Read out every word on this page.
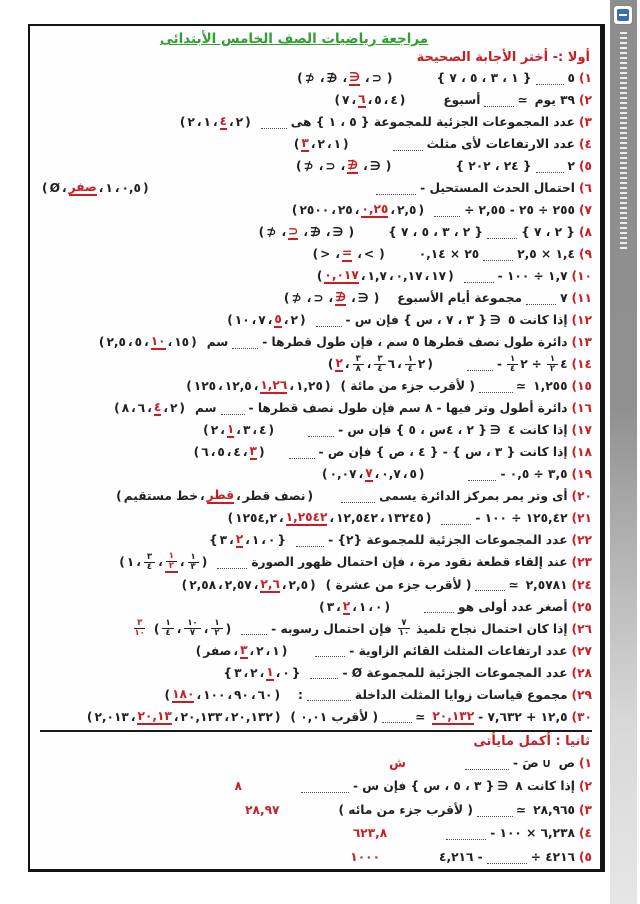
مراجعة رياضيات الصف الخامس الأبتدائى
أولا :- أختر الأجابة الصحيحة
١)
٥
{ ١ ، ٣ ، ٥ ، ٧ }
(
⊃
،
∋
،
∌
،
⊅
)
٢)
٣٩ يوم
≃
أسبوع
(
٤
،
٥
،
٦
،
٧
)
٣)
عدد المجموعات الجزئية للمجموعة { ٥ ، ١ } هى
(
٢
،
٤
،
١
،
٢
)
٤)
عدد الارتفاعات لأى مثلث
(
١
،
٢
،
٣
)
٥)
٢
{ ٢٤ ، ٢٠٢ }
(
∋
،
∌
،
⊃
،
⊅
)
٦)
احتمال الحدث المستحيل -
(
٠,٥
،
١
،
صفر
،
Ø
)
٧)
٢٥٥ ÷ ٢٥ - ٢,٥٥ ÷
(
٢,٥
،
٠,٢٥
،
٢٥
،
٢٥٠٠
)
٨)
{ ٢ ، ٧ }
{ ٢ ، ٣ ، ٥ ، ٧ }
(
∋
،
∌
،
⊃
،
⊅
)
٩)
١,٤ × ٢,٥
٢٥ × ٠,١٤
(
<
،
=
،
>
)
١٠)
١,٧ ÷ ١٠٠ -
(
١٧
،
٠,١٧
،
١,٧
،
٠,٠١٧
)
١١)
٧
مجموعة أيام الأسبوع
(
∋
،
∌
،
⊃
،
⊅
)
١٢)
إذا كانت ٥
∋
{ ٣ ، ٧ ، س } فإن س -
(
٢
،
٥
،
٧
،
١٠
)
١٣)
دائرة طول نصف قطرها ٥ سم ، فإن طول قطرها -
سم
(
١٥
،
١٠
،
٥
،
٢,٥
)
١٤)
٤
١
٢
÷
٢
١
٤
-
(
٢
١
٤
،
٦
٣
٤
،
٣
٨
،
٢
)
١٥)
١,٢٥٥
≃
( لأقرب جزء من مائة )
(
١,٢٥
،
١,٢٦
،
١٢,٥
،
١٢٥
)
١٦)
دائرة أطول وتر فيها - ٨ سم فإن طول نصف قطرها -
سم
(
٢
،
٤
،
٦
،
٨
)
١٧)
إذا كانت ٤
∋
{ ٢ ، ٤س ، ٥ } فإن س -
(
٤
،
٣
،
١
،
٢
)
١٨)
إذا كانت { ٣ ، س } - { ٤ ، ص } فإن ص -
(
٣
،
٤
،
٥
،
٦
)
١٩)
٣,٥ ÷ ٠,٥ -
(
٥
،
٠,٧
،
٧
،
٠,٠٧
)
٢٠)
أى وتر يمر بمركز الدائرة يسمى
(
نصف قطر
،
قطر
،
خط مستقيم
)
٢١)
١٢٥,٤٢ ÷ ١٠٠ -
(
١٣٢٤٥
،
١٢,٥٤٢
،
١,٢٥٤٢
،
١٢٥٤,٢
)
٢٢)
عدد المجموعات الجزئية للمجموعة {٢} -
{
٠
،
١
،
٢
،
٣
}
٢٣)
عند إلقاء قطعة نقود مرة ، فإن احتمال ظهور الصورة
(
١
٣
،
١
٢
،
٣
٤
،
١
)
٢٤)
٢,٥٧٨١
≃
( لأقرب جزء من عشرة )
(
٢,٥
،
٢,٦
،
٢,٥٧
،
٢,٥٨
)
٢٥)
أصغر عدد أولى هو
(
٠
،
١
،
٢
،
٣
)
٢٦)
إذا كان احتمال نجاح تلميذ
٧
١٠
فإن احتمال رسوبه -
(
١
٢
،
١٠
٧
،
١
٤
)
٣
١٠
٢٧)
عدد ارتفاعات المثلث القائم الزاوية -
(
١
،
٢
،
٣
،
صفر
)
٢٨)
عدد المجموعات الجزئية للمجموعة Ø -
{
٠
،
١
،
٢
،
٣
}
٢٩)
مجموع قياسات زوايا المثلث الداخلة
:
(
٦٠
،
٩٠
،
١٠٠
،
١٨٠
)
٣٠)
١٢,٥ + ٧,٦٣٢ -
٢٠,١٣٢
≃
( لأقرب ٠,٠١ )
(
٢٠,١٣٢
،
٢٠,١٣٣
،
٢٠,١٣
،
٢,٠١٣
)
ثانيا : أكمل مايأتى
١)
ص
∪
صَ -
ش
٢)
إذا كانت ٨
∋
{ ٣ ، ٥ ، س } فإن س -
٨
٣)
٢٨,٩٦٥
≃
( لأقرب جزء من مائه )
٢٨,٩٧
٤)
٦,٢٣٨ × ١٠٠ -
٦٢٣,٨
٥)
٤٢١٦ ÷
- ٤,٢١٦
١٠٠٠
